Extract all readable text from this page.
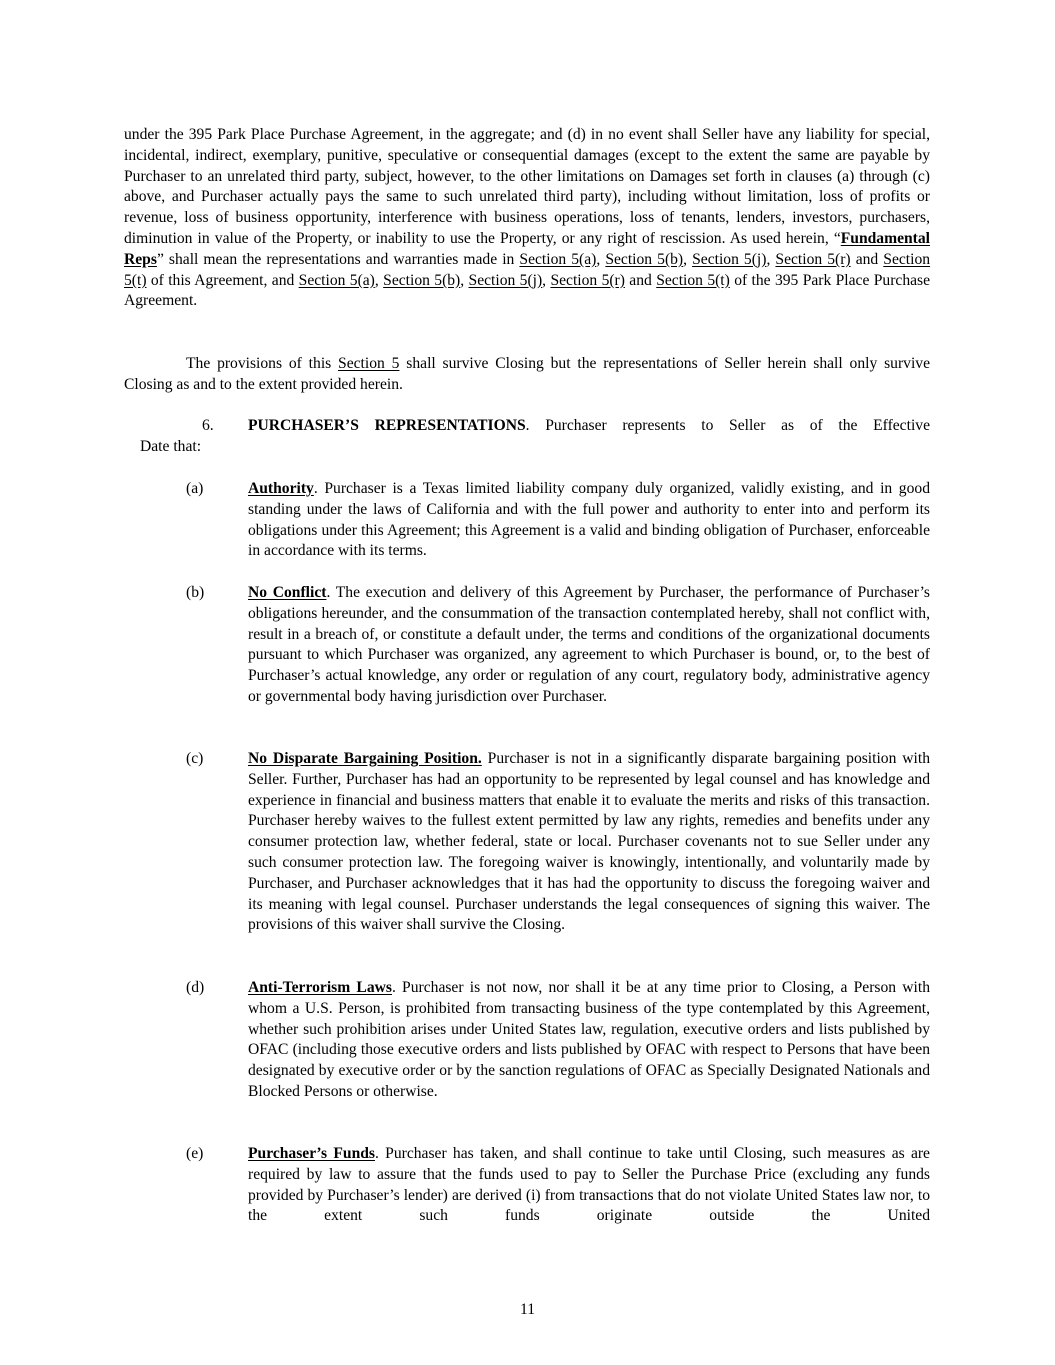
under the 395 Park Place Purchase Agreement, in the aggregate; and (d) in no event shall Seller have any liability for special, incidental, indirect, exemplary, punitive, speculative or consequential damages (except to the extent the same are payable by Purchaser to an unrelated third party, subject, however, to the other limitations on Damages set forth in clauses (a) through (c) above, and Purchaser actually pays the same to such unrelated third party), including without limitation, loss of profits or revenue, loss of business opportunity, interference with business operations, loss of tenants, lenders, investors, purchasers, diminution in value of the Property, or inability to use the Property, or any right of rescission. As used herein, “Fundamental Reps” shall mean the representations and warranties made in Section 5(a), Section 5(b), Section 5(j), Section 5(r) and Section 5(t) of this Agreement, and Section 5(a), Section 5(b), Section 5(j), Section 5(r) and Section 5(t) of the 395 Park Place Purchase Agreement.

The provisions of this Section 5 shall survive Closing but the representations of Seller herein shall only survive Closing as and to the extent provided herein.

6. PURCHASER’S REPRESENTATIONS. Purchaser represents to Seller as of the Effective
Date that:
(a)	Authority. Purchaser is a Texas limited liability company duly organized, validly existing, and in good standing under the laws of California and with the full power and authority to enter into and perform its obligations under this Agreement; this Agreement is a valid and binding obligation of Purchaser, enforceable in accordance with its terms.
(b)	No Conflict. The execution and delivery of this Agreement by Purchaser, the performance of Purchaser’s obligations hereunder, and the consummation of the transaction contemplated hereby, shall not conflict with, result in a breach of, or constitute a default under, the terms and conditions of the organizational documents pursuant to which Purchaser was organized, any agreement to which Purchaser is bound, or, to the best of Purchaser’s actual knowledge, any order or regulation of any court, regulatory body, administrative agency or governmental body having jurisdiction over Purchaser.
(c)	No Disparate Bargaining Position. Purchaser is not in a significantly disparate bargaining position with Seller. Further, Purchaser has had an opportunity to be represented by legal counsel and has knowledge and experience in financial and business matters that enable it to evaluate the merits and risks of this transaction. Purchaser hereby waives to the fullest extent permitted by law any rights, remedies and benefits under any consumer protection law, whether federal, state or local. Purchaser covenants not to sue Seller under any such consumer protection law. The foregoing waiver is knowingly, intentionally, and voluntarily made by Purchaser, and Purchaser acknowledges that it has had the opportunity to discuss the foregoing waiver and its meaning with legal counsel. Purchaser understands the legal consequences of signing this waiver. The provisions of this waiver shall survive the Closing.
(d)	Anti-Terrorism Laws. Purchaser is not now, nor shall it be at any time prior to Closing, a Person with whom a U.S. Person, is prohibited from transacting business of the type contemplated by this Agreement, whether such prohibition arises under United States law, regulation, executive orders and lists published by OFAC (including those executive orders and lists published by OFAC with respect to Persons that have been designated by executive order or by the sanction regulations of OFAC as Specially Designated Nationals and Blocked Persons or otherwise.
(e)	Purchaser’s Funds. Purchaser has taken, and shall continue to take until Closing, such measures as are required by law to assure that the funds used to pay to Seller the Purchase Price (excluding any funds provided by Purchaser’s lender) are derived (i) from transactions that do not violate United States law nor, to the extent such funds originate outside the United
11
